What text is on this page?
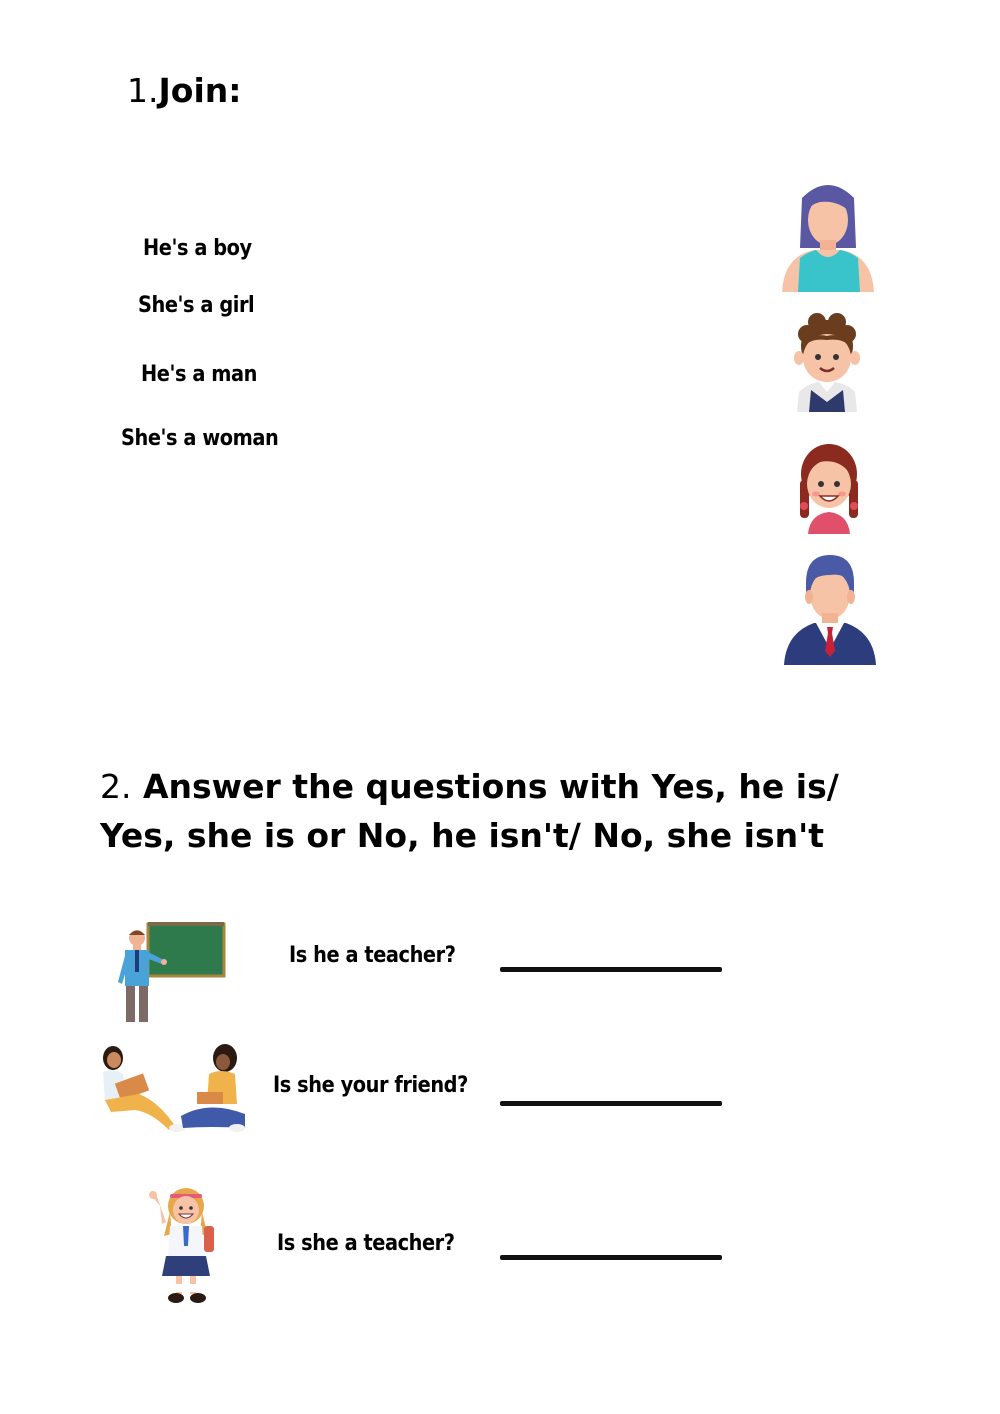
1.Join:
He's a boy
She's a girl
He's a man
She's a woman
2. Answer the questions with Yes, he is/ Yes, she is or No, he isn't/ No, she isn't
Is he a teacher?
Is she your friend?
Is she a teacher?
